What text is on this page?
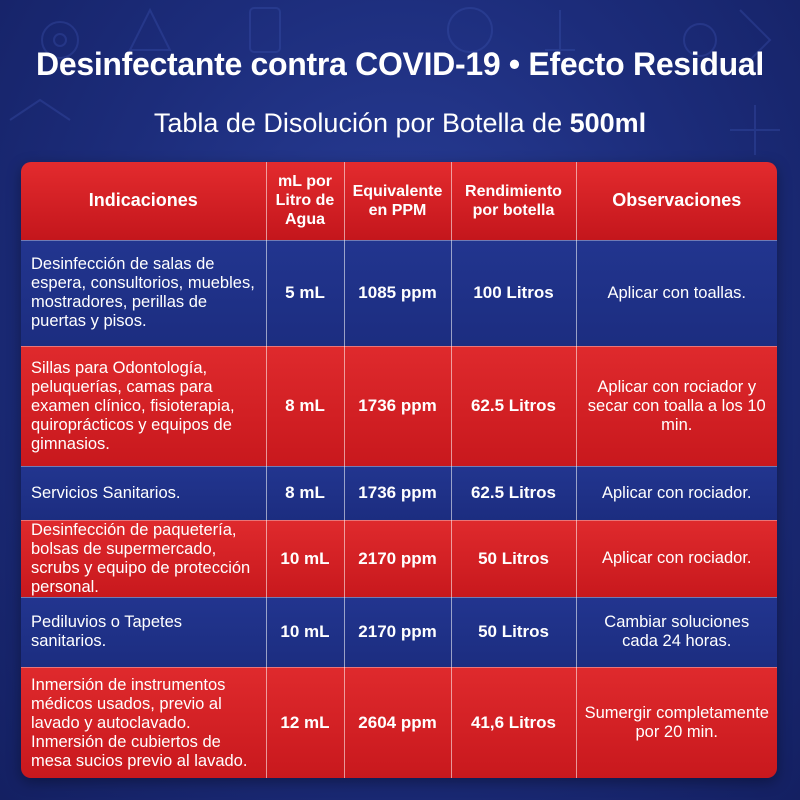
Desinfectante contra COVID-19 • Efecto Residual
Tabla de Disolución por Botella de 500ml
Indicaciones	mL por Litro de Agua	Equivalente en PPM	Rendimiento por botella	Observaciones
Desinfección de salas de espera, consultorios, muebles, mostradores, perillas de puertas y pisos.	5 mL	1085 ppm	100 Litros	Aplicar con toallas.
Sillas para Odontología, peluquerías, camas para examen clínico, fisioterapia, quiroprácticos y equipos de gimnasios.	8 mL	1736 ppm	62.5 Litros	Aplicar con rociador y secar con toalla a los 10 min.
Servicios Sanitarios.	8 mL	1736 ppm	62.5 Litros	Aplicar con rociador.
Desinfección de paquetería, bolsas de supermercado, scrubs y equipo de protección personal.	10 mL	2170 ppm	50 Litros	Aplicar con rociador.
Pediluvios o Tapetes sanitarios.	10 mL	2170 ppm	50 Litros	Cambiar soluciones cada 24 horas.
Inmersión de instrumentos médicos usados, previo al lavado y autoclavado. Inmersión de cubiertos de mesa sucios previo al lavado.	12 mL	2604 ppm	41,6 Litros	Sumergir completamente por 20 min.
